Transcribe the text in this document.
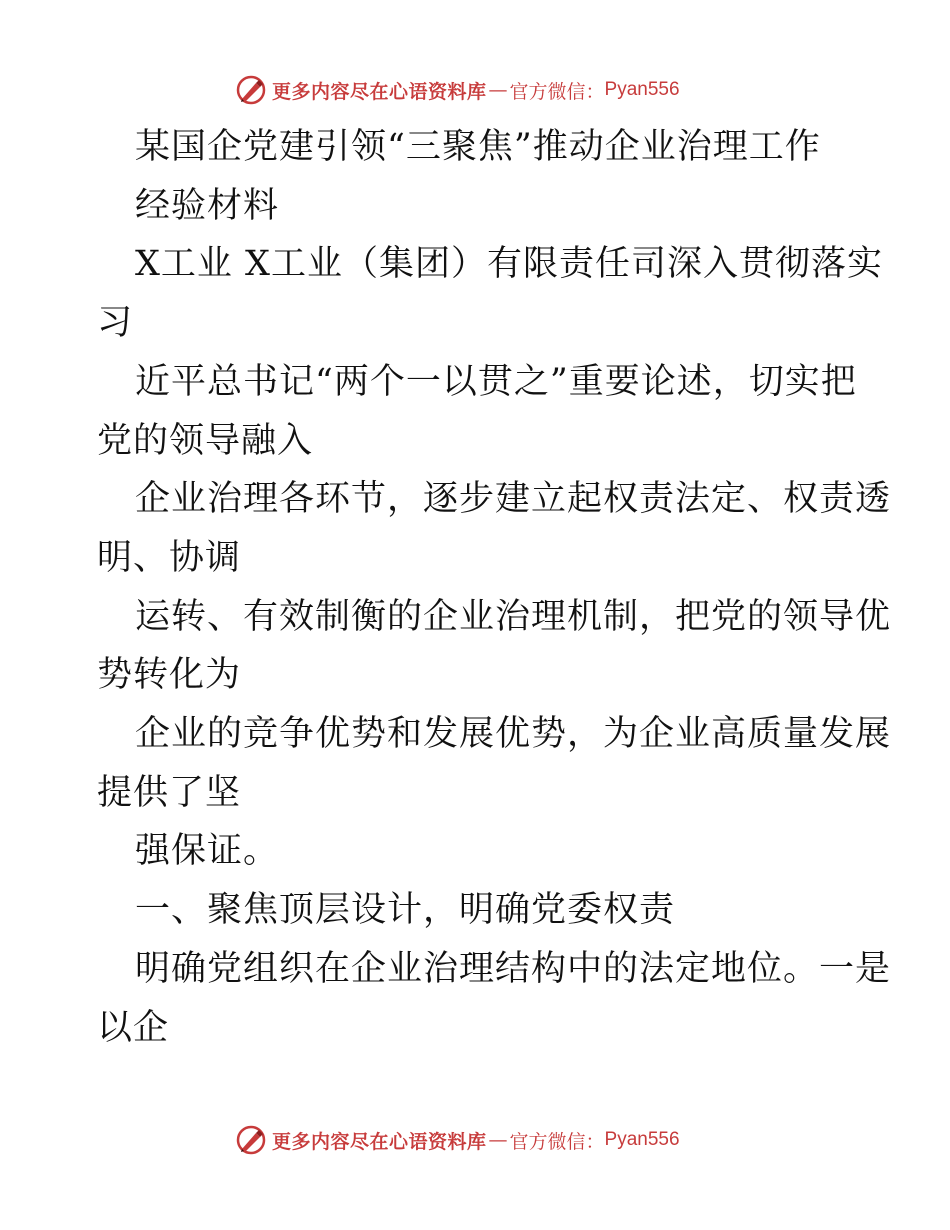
更多内容尽在心语资料库 — 官方微信： Pyan556

某国企党建引领“三聚焦”推动企业治理工作

经验材料

X工业 X工业（集团）有限责任司深入贯彻落实

习

近平总书记“两个一以贯之”重要论述，切实把

党的领导融入

企业治理各环节，逐步建立起权责法定、权责透

明、协调

运转、有效制衡的企业治理机制，把党的领导优

势转化为

企业的竞争优势和发展优势，为企业高质量发展

提供了坚

强保证。

一、聚焦顶层设计，明确党委权责

明确党组织在企业治理结构中的法定地位。一是

以企

更多内容尽在心语资料库 — 官方微信： Pyan556
